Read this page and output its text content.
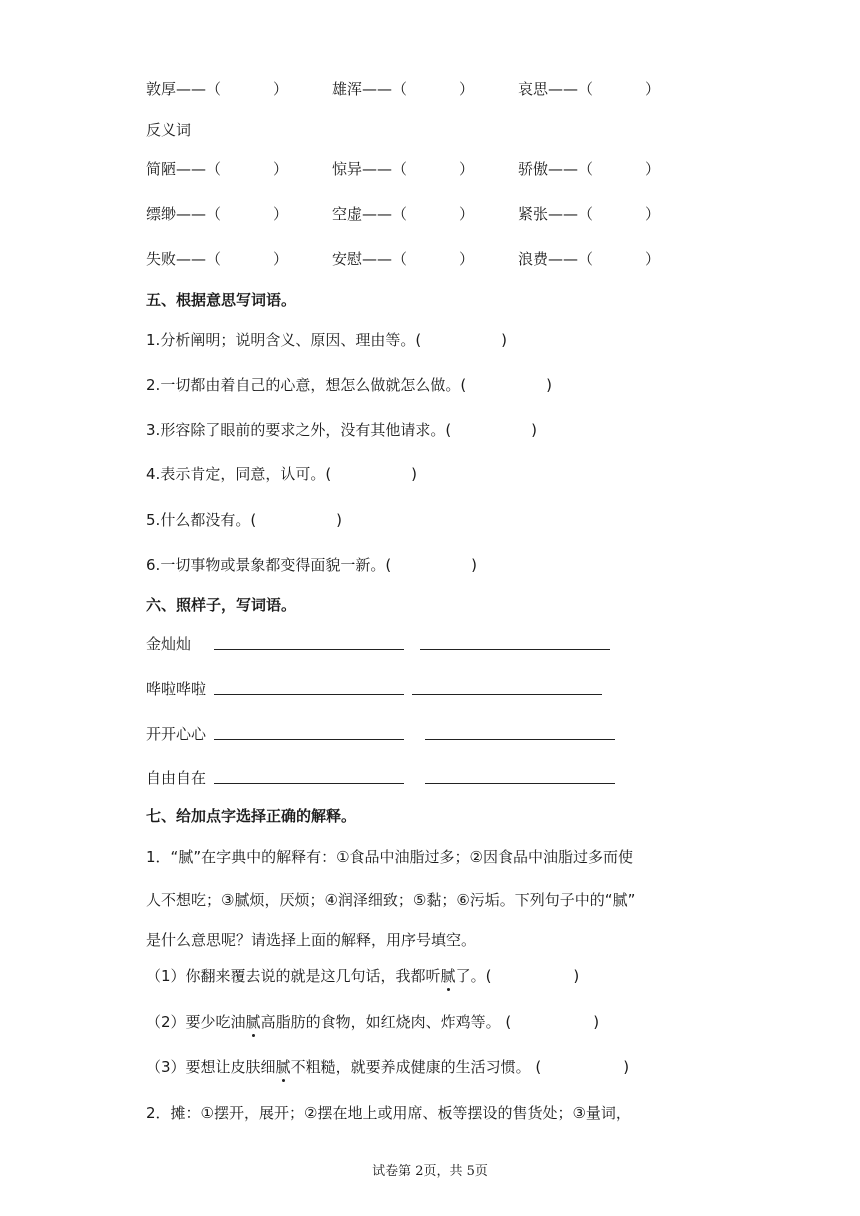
敦厚——（	）	雄浑——（	）	哀思——（	）
反义词
简陋——（	）	惊异——（	）	骄傲——（	）
缥缈——（	）	空虚——（	）	紧张——（	）
失败——（	）	安慰——（	）	浪费——（	）
五、根据意思写词语。
1.分析阐明；说明含义、原因、理由等。(	)
2.一切都由着自己的心意，想怎么做就怎么做。(	)
3.形容除了眼前的要求之外，没有其他请求。(	)
4.表示肯定，同意，认可。(	)
5.什么都没有。(	)
6.一切事物或景象都变得面貌一新。(	)
六、照样子，写词语。
金灿灿
哗啦哗啦
开开心心
自由自在
七、给加点字选择正确的解释。
1．“腻”在字典中的解释有：①食品中油脂过多；②因食品中油脂过多而使
人不想吃；③腻烦，厌烦；④润泽细致；⑤黏；⑥污垢。下列句子中的“腻”
是什么意思呢？请选择上面的解释，用序号填空。
（1）你翻来覆去说的就是这几句话，我都听腻了。(	)
（2）要少吃油腻高脂肪的食物，如红烧肉、炸鸡等。 (	)
（3）要想让皮肤细腻不粗糙，就要养成健康的生活习惯。 (	)
2．摊：①摆开，展开；②摆在地上或用席、板等摆设的售货处；③量词，
试卷第 2页，共 5页
